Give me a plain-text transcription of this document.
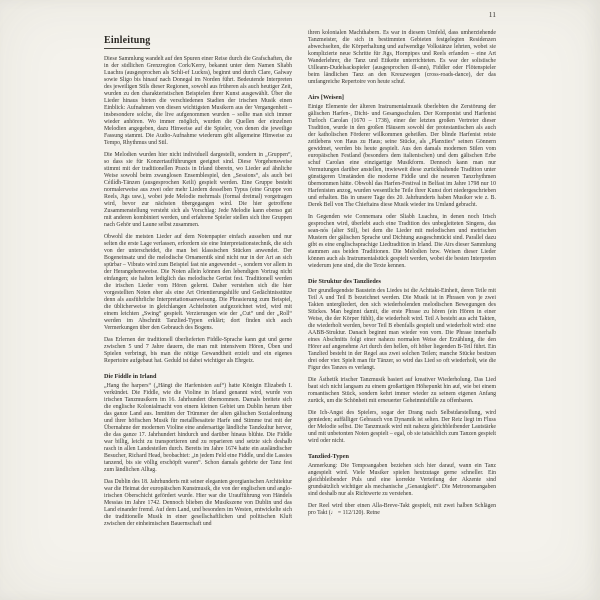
11
Einleitung

Diese Sammlung wandelt auf den Spuren einer Reise durch die Grafschaften, die in der südlichen Grenzregion Cork/Kerry, bekannt unter dem Namen Sliabh Luachra (ausgesprochen als Schli-ef Luckra), beginnt und durch Clare, Galway sowie Sligo bis hinauf nach Donegal im Norden führt. Bedeutende Interpreten des jeweiligen Stils dieser Regionen, sowohl aus früheren als auch heutiger Zeit, wurden zu den charakteristischen Beispielen ihrer Kunst ausgewählt. Über die Lieder hinaus bieten die verschiedenen Stadien der irischen Musik einen Einblick: Aufnahmen von diesen wichtigsten Musikern aus der Vergangenheit – insbesondere solche, die live aufgenommen wurden – sollte man sich immer wieder anhören. Wo immer möglich, wurden die Quellen der einzelnen Melodien angegeben, dazu Hinweise auf die Spieler, von denen die jeweilige Fassung stammt. Die Audio-Aufnahme wiederum gibt allgemeine Hinweise zu Tempo, Rhythmus und Stil.

Die Melodien wurden hier nicht individuell dargestellt, sondern in „Gruppen“, so dass sie für Konzertaufführungen geeignet sind. Diese Vorgehensweise stimmt mit der traditionellen Praxis in Irland überein, wo Lieder auf ähnliche Weise sowohl beim zwanglosen Ensemblespiel, den „Sessions“, als auch bei Céilídh-Tänzen (ausgesprochen Keili) gespielt werden. Eine Gruppe besteht normalerweise aus zwei oder mehr Liedern desselben Typus (eine Gruppe von Reels, Jigs usw.), wobei jede Melodie mehrmals (formal dreimal) vorgetragen wird, bevor zur nächsten übergegangen wird. Die hier getroffene Zusammenstellung versteht sich als Vorschlag: Jede Melodie kann ebenso gut mit anderen kombiniert werden, und erfahrene Spieler stellen sich ihre Gruppen nach Gehör und Laune selbst zusammen.

Obwohl die meisten Lieder auf dem Notenpapier einfach aussehen und nur selten die erste Lage verlassen, erfordern sie eine Interpretationstechnik, die sich von der unterscheidet, die man bei klassischen Stücken anwendet. Der Bogeneinsatz und die melodische Ornamentik sind nicht nur in der Art an sich spürbar – Vibrato wird zum Beispiel fast nie angewendet –, sondern vor allem in der Herangehensweise. Die Noten allein können den lebendigen Vortrag nicht einfangen; sie halten lediglich das melodische Gerüst fest. Traditionell werden die irischen Lieder vom Hören gelernt. Daher verstehen sich die hier vorgestellten Noten eher als eine Art Orientierungshilfe und Gedächtnisstütze denn als ausführliche Interpretationsanweisung. Die Phrasierung zum Beispiel, die üblicherweise in gleichlangen Achtelnoten aufgezeichnet wird, wird mit einem leichten „Swing“ gespielt. Verzierungen wie der „Cut“ und der „Roll“ werden im Abschnitt Tanzlied-Typen erklärt; dort finden sich auch Vermerkungen über den Gebrauch des Bogens.

Das Erlernen der traditionell überlieferten Fiddle-Sprache kann gut und gerne zwischen 5 und 7 Jahre dauern, die man mit intensivem Hören, Üben und Spielen verbringt, bis man die nötige Gewandtheit erzielt und ein eigenes Repertoire aufgebaut hat. Geduld ist dabei wichtiger als Ehrgeiz.

Die Fiddle in Irland

„Hang the harpers“ („Hängt die Harfenisten auf“) hatte Königin Elizabeth I. verkündet. Die Fiddle, wie die Violine in Irland genannt wird, wurde von irischen Tanzmusikern im 16. Jahrhundert übernommen. Damals breitete sich die englische Kolonialmacht von einem kleinen Gebiet um Dublin herum über das ganze Land aus. Inmitten der Trümmer der alten gälischen Sozialordnung und ihrer höfischen Musik für metallbesaitete Harfe und Stimme trat mit der Übernahme der modernen Violine eine andersartige ländliche Tanzkultur hervor, die das ganze 17. Jahrhundert hindurch und darüber hinaus blühte. Die Fiddle war billig, leicht zu transportieren und zu reparieren und setzte sich deshalb rasch in allen Landesteilen durch. Bereits im Jahre 1674 hatte ein ausländischer Besucher, Richard Head, beobachtet: „in jedem Feld eine Fiddle, und die Lassies tanzend, bis sie völlig erschöpft waren“. Schon damals gehörte der Tanz fest zum ländlichen Alltag.

Das Dublin des 18. Jahrhunderts mit seiner eleganten georgianischen Architektur war die Heimat der europäischen Kunstmusik, die von der englischen und anglo-irischen Oberschicht gefördert wurde. Hier war die Uraufführung von Händels Messias im Jahre 1742. Dennoch blieben die Musikszene von Dublin und das Land einander fremd. Auf dem Land, und besonders im Westen, entwickelte sich die traditionelle Musik in einer gesellschaftlichen und politischen Kluft zwischen der einheimischen Bauernschaft und

ihren kolonialen Machthabern. Es war in diesem Umfeld, dass umherziehende Tanzmeister, die sich in bestimmten Gebieten festgelegten Residenzen abwechselten, die Körperhaltung und aufwendige Volkstänze lehrten, wobei sie komplizierte neue Schritte für Jigs, Hornpipes und Reels erfanden – eine Art Wanderlehrer, die Tanz und Etikette unterrichteten. Es war der solistische Uilleann-Dudelsackspieler (ausgesprochen ill-ann), Fiddler oder Flötenspieler beim ländlichen Tanz an den Kreuzwegen (cross-roads-dance), der das umfangreiche Repertoire von heute schuf.

Airs [Weisen]

Einige Elemente der älteren Instrumentalmusik überlebten die Zerstörung der gälischen Harfen-, Dicht- und Gesangsschulen. Der Komponist und Harfenist Turloch Carolan (1670 – 1738), einer der letzten großen Vertreter dieser Tradition, wurde in den großen Häusern sowohl der protestantischen als auch der katholischen Förderer willkommen geheißen. Der blinde Harfenist reiste zeitlebens von Haus zu Haus; seine Stücke, als „Planxties“ seinen Gönnern gewidmet, werden bis heute gespielt. Aus den damals modernen Stilen vom europäischen Festland (besonders dem italienischen) und dem gälischen Erbe schuf Carolan eine einzigartige Musikform. Dennoch kann man nur Vermutungen darüber anstellen, inwieweit diese zurückhaltende Tradition unter günstigeren Umständen die moderne Fiddle und die neueren Tanzrhythmen übernommen hätte. Obwohl das Harfen-Festival in Belfast im Jahre 1798 nur 10 Harfenisten anzog, wurden wesentliche Teile ihrer Kunst dort niedergeschrieben und erhalten. Bis in unsere Tage des 20. Jahrhunderts haben Musiker wie z. B. Derek Bell von The Chieftains diese Musik wieder ins Umland gebracht.

In Gegenden wie Connemara oder Sliabh Luachra, in denen noch Irisch gesprochen wird, überlebt auch eine Tradition des unbegleiteten Singens, das sean-nós (alter Stil), bei dem die Lieder mit melodischen und metrischen Mustern der gälischen Sprache und Dichtung ausgeschmückt sind. Parallel dazu gibt es eine englischsprachige Liedtradition in Irland. Die Airs dieser Sammlung stammen aus beiden Traditionen. Die Melodien bzw. Weisen dieser Lieder können auch als Instrumentalstück gespielt werden, wobei die besten Interpreten wiederum jene sind, die die Texte kennen.

Die Struktur des Tanzliedes

Der grundlegendste Baustein des Liedes ist die Achttakt-Einheit, deren Teile mit Teil A und Teil B bezeichnet werden. Die Musik ist in Phrasen von je zwei Takten untergliedert, den sich wiederholenden melodischen Bewegungen des Stückes. Man beginnt damit, die erste Phrase zu hören (ein Hören in einer Weise, die der Körper fühlt), die wiederholt wird. Teil A besteht aus acht Takten, die wiederholt werden, bevor Teil B ebenfalls gespielt und wiederholt wird: eine AABB-Struktur. Danach beginnt man wieder von vorn. Die Phrase innerhalb eines Abschnitts folgt einer nahezu normalen Weise der Erzählung, die den Hörer auf angenehme Art durch den hellen, oft höher liegenden B-Teil führt. Ein Tanzlied besteht in der Regel aus zwei solchen Teilen; manche Stücke besitzen drei oder vier. Spielt man für Tänzer, so wird das Lied so oft wiederholt, wie die Figur des Tanzes es verlangt.

Die Ästhetik irischer Tanzmusik basiert auf kreativer Wiederholung. Das Lied baut sich nicht langsam zu einem großartigen Höhepunkt hin auf, wie bei einem romantischen Stück, sondern kehrt immer wieder zu seinem eigenen Anfang zurück, um die Schönheit mit erneuerter Geheimnisfülle zu offenbaren.

Die Ich-Angst des Spielers, sogar der Drang nach Selbstdarstellung, wird gemieden; auffälliger Gebrauch von Dynamik ist selten. Der Reiz liegt im Fluss der Melodie selbst. Die Tanzmusik wird mit nahezu gleichbleibender Lautstärke und mit unbetonten Noten gespielt – egal, ob sie tatsächlich zum Tanzen gespielt wird oder nicht.

Tanzlied-Typen

Anmerkung: Die Tempoangaben beziehen sich hier darauf, wann ein Tanz angespielt wird. Viele Musiker spielen heutzutage gerne schneller. Ein gleichbleibender Puls und eine korrekte Verteilung der Akzente sind grundsätzlich wichtiger als mechanische „Genauigkeit“. Die Metronomangaben sind deshalb nur als Richtwerte zu verstehen.

Der Reel wird über einen Alla-Breve-Takt gespielt, mit zwei halben Schlägen pro Takt (♩ = 112/120). Reine
